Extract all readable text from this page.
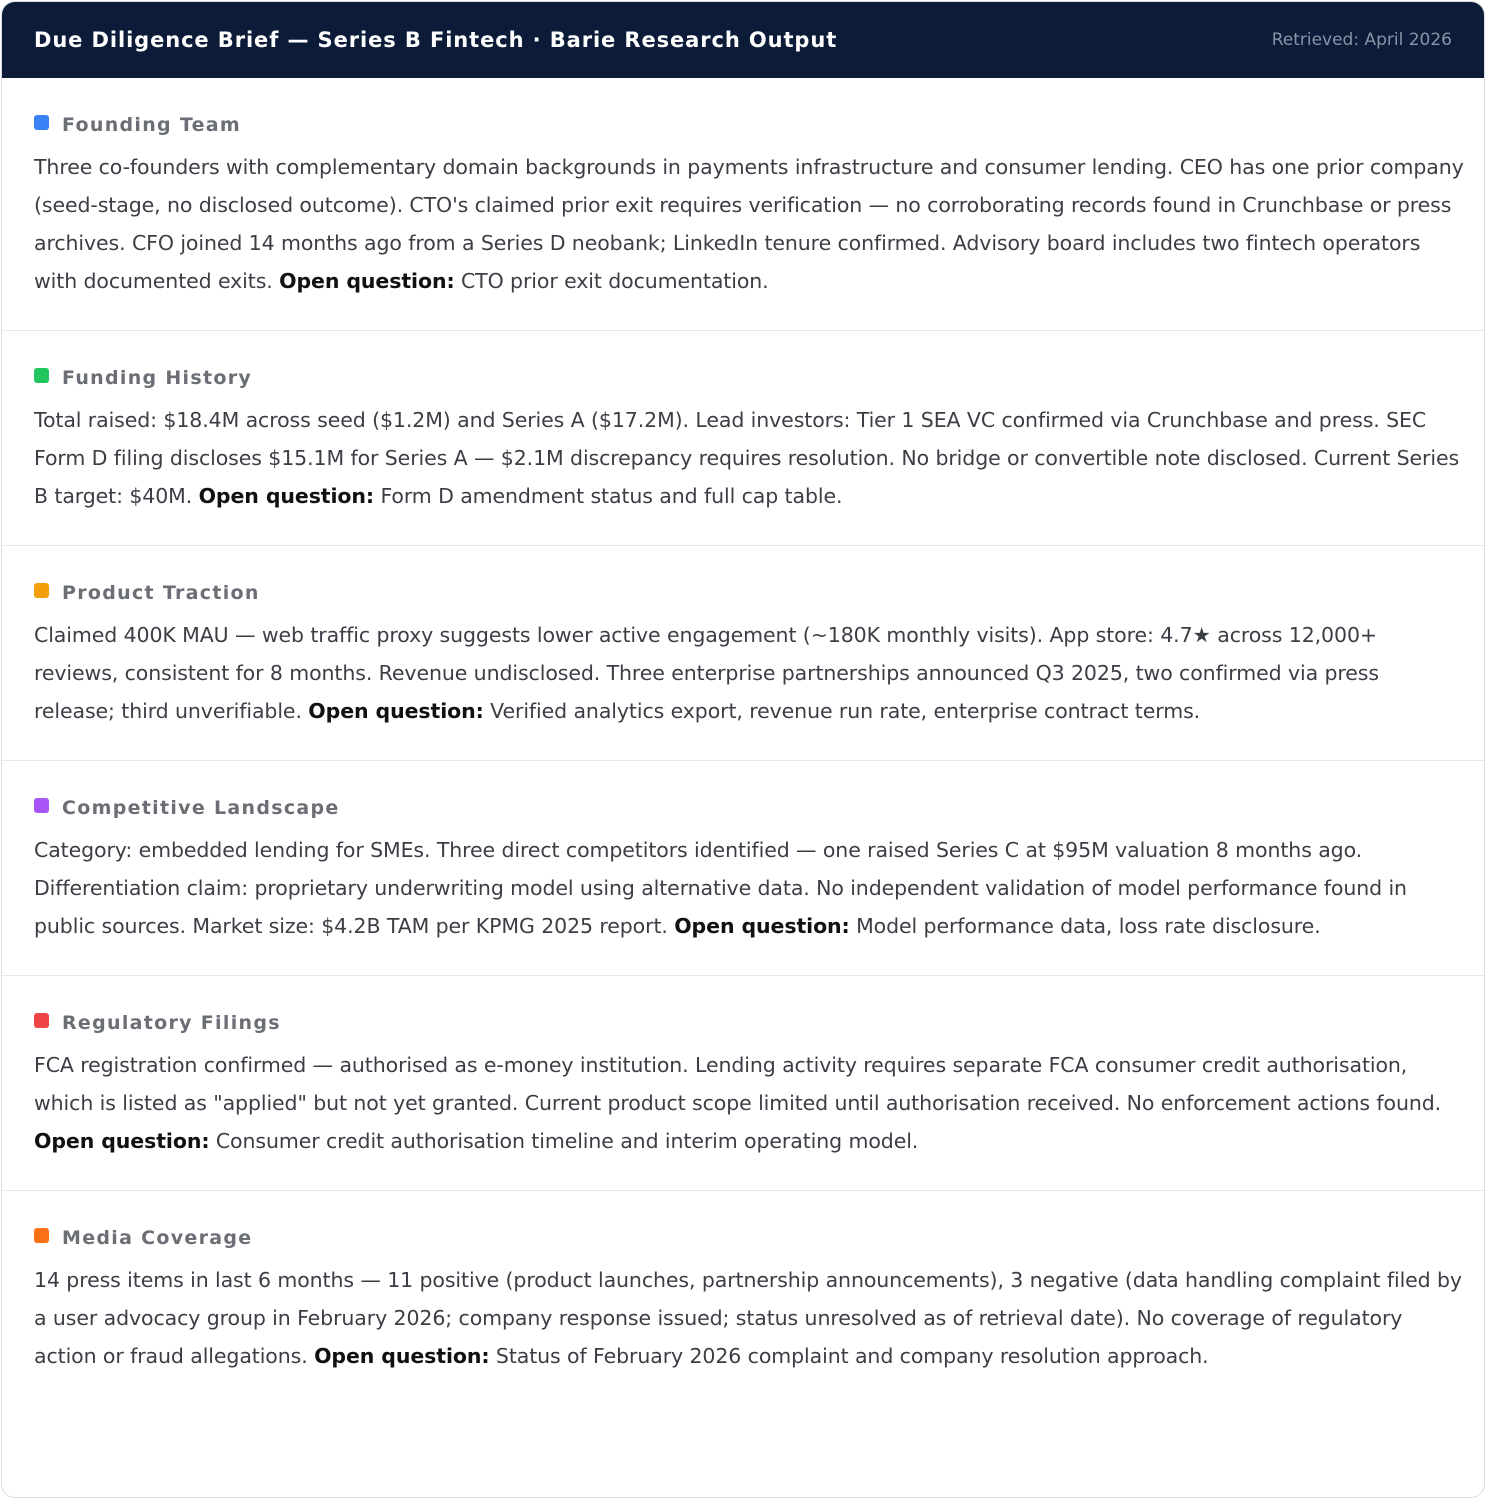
Due Diligence Brief — Series B Fintech · Barie Research Output	Retrieved: April 2026
Founding Team

Three co-founders with complementary domain backgrounds in payments infrastructure and consumer lending. CEO has one prior company (seed-stage, no disclosed outcome). CTO's claimed prior exit requires verification — no corroborating records found in Crunchbase or press archives. CFO joined 14 months ago from a Series D neobank; LinkedIn tenure confirmed. Advisory board includes two fintech operators with documented exits. Open question: CTO prior exit documentation.

Funding History

Total raised: $18.4M across seed ($1.2M) and Series A ($17.2M). Lead investors: Tier 1 SEA VC confirmed via Crunchbase and press. SEC Form D filing discloses $15.1M for Series A — $2.1M discrepancy requires resolution. No bridge or convertible note disclosed. Current Series B target: $40M. Open question: Form D amendment status and full cap table.

Product Traction

Claimed 400K MAU — web traffic proxy suggests lower active engagement (~180K monthly visits). App store: 4.7★ across 12,000+ reviews, consistent for 8 months. Revenue undisclosed. Three enterprise partnerships announced Q3 2025, two confirmed via press release; third unverifiable. Open question: Verified analytics export, revenue run rate, enterprise contract terms.

Competitive Landscape

Category: embedded lending for SMEs. Three direct competitors identified — one raised Series C at $95M valuation 8 months ago. Differentiation claim: proprietary underwriting model using alternative data. No independent validation of model performance found in public sources. Market size: $4.2B TAM per KPMG 2025 report. Open question: Model performance data, loss rate disclosure.

Regulatory Filings

FCA registration confirmed — authorised as e-money institution. Lending activity requires separate FCA consumer credit authorisation, which is listed as "applied" but not yet granted. Current product scope limited until authorisation received. No enforcement actions found. Open question: Consumer credit authorisation timeline and interim operating model.

Media Coverage

14 press items in last 6 months — 11 positive (product launches, partnership announcements), 3 negative (data handling complaint filed by a user advocacy group in February 2026; company response issued; status unresolved as of retrieval date). No coverage of regulatory action or fraud allegations. Open question: Status of February 2026 complaint and company resolution approach.
